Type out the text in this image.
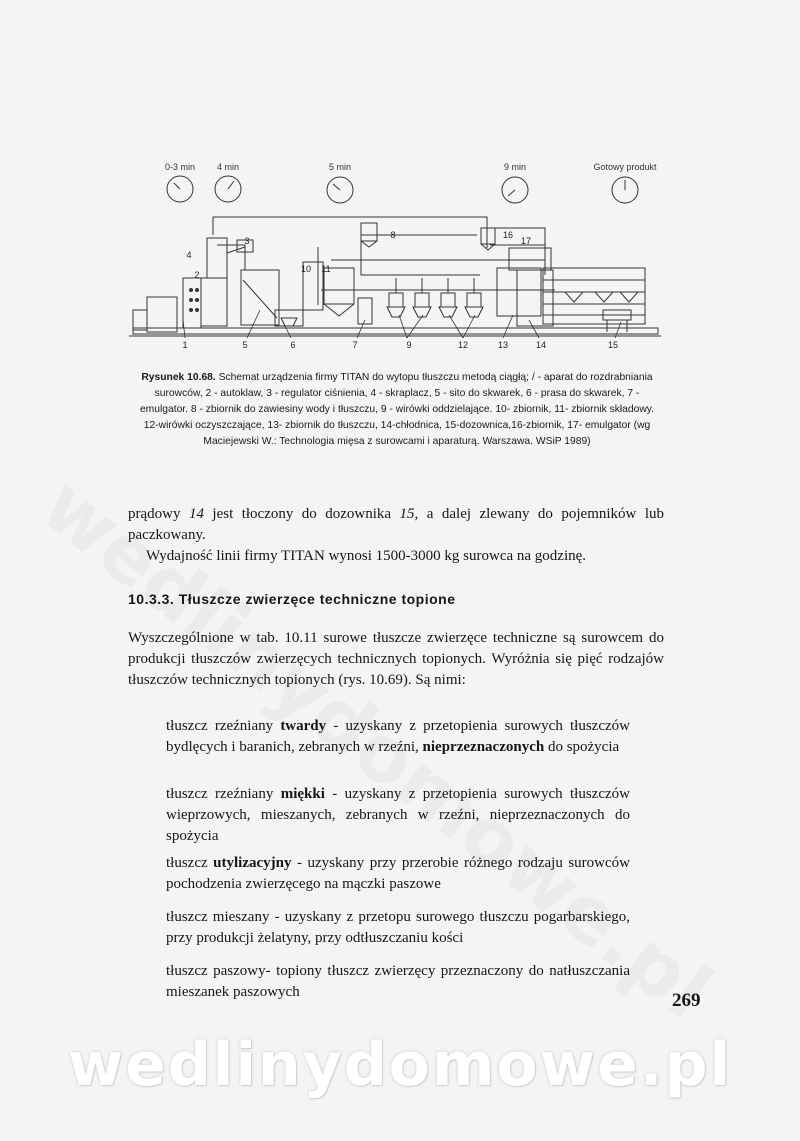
0-3 min 4 min	5 min	9 min	Gotowy produkt
1
2
3
4
5	6	7
8
9
10 11
12	13	14	15
16
17
Rysunek 10.68. Schemat urządzenia firmy TITAN do wytopu tłuszczu metodą ciągłą; / - aparat do rozdrabniania surowców, 2 - autoklaw, 3 - regulator ciśnienia, 4 - skraplacz, 5 - sito do skwarek, 6 - prasa do skwarek, 7 - emulgator. 8 - zbiornik do zawiesiny wody i tłuszczu, 9 - wirówki oddzielające. 10- zbiornik, 11- zbiornik składowy. 12-wirówki oczyszczające, 13- zbiornik do tłuszczu, 14-chłodnica, 15-dozownica,16-zbiornik, 17- emulgator (wg Maciejewski W.: Technologia mięsa z surowcami i aparaturą. Warszawa. WSiP 1989)
prądowy 14 jest tłoczony do dozownika 15, a dalej zlewany do pojemników lub paczkowany.
Wydajność linii firmy TITAN wynosi 1500-3000 kg surowca na godzinę.
10.3.3. Tłuszcze zwierzęce techniczne topione
Wyszczególnione w tab. 10.11 surowe tłuszcze zwierzęce techniczne są surowcem do produkcji tłuszczów zwierzęcych technicznych topionych. Wyróżnia się pięć rodzajów tłuszczów technicznych topionych (rys. 10.69). Są nimi:
tłuszcz rzeźniany twardy - uzyskany z przetopienia surowych tłuszczów bydlęcych i baranich, zebranych w rzeźni, nieprzeznaczonych do spożycia
tłuszcz rzeźniany miękki - uzyskany z przetopienia surowych tłuszczów wieprzowych, mieszanych, zebranych w rzeźni, nieprzeznaczonych do spożycia
tłuszcz utylizacyjny - uzyskany przy przerobie różnego rodzaju surowców pochodzenia zwierzęcego na mączki paszowe
tłuszcz mieszany - uzyskany z przetopu surowego tłuszczu pogarbarskiego, przy produkcji żelatyny, przy odtłuszczaniu kości
tłuszcz paszowy- topiony tłuszcz zwierzęcy przeznaczony do natłuszczania mieszanek paszowych	269
wedlinydomowe.pl
